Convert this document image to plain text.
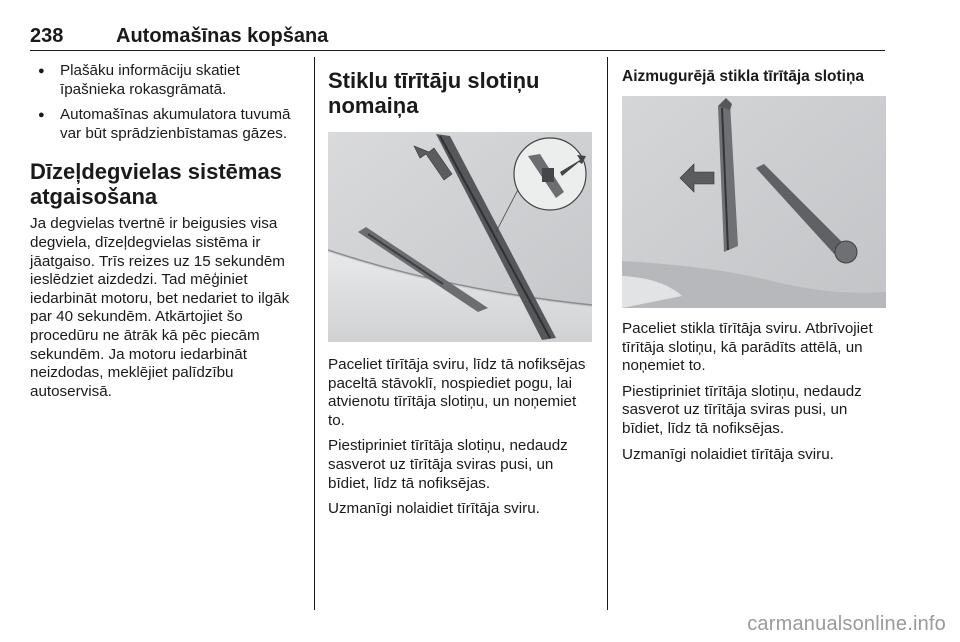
238	Automašīnas kopšana
● Plašāku informāciju skatiet īpašnieka rokasgrāmatā.
● Automašīnas akumulatora tuvumā var būt sprādzienbīstamas gāzes.
Dīzeļdegvielas sistēmas atgaisošana

Ja degvielas tvertnē ir beigusies visa degviela, dīzeļdegvielas sistēma ir jāatgaiso. Trīs reizes uz 15 sekundēm ieslēdziet aizdedzi. Tad mēģiniet iedarbināt motoru, bet nedariet to ilgāk par 40 sekundēm. Atkārtojiet šo procedūru ne ātrāk kā pēc piecām sekundēm. Ja motoru iedarbināt neizdodas, meklējiet palīdzību autoservisā.

Stiklu tīrītāju slotiņu nomaiņa

Paceliet tīrītāja sviru, līdz tā nofiksējas paceltā stāvoklī, nospiediet pogu, lai atvienotu tīrītāja slotiņu, un noņemiet to.

Piestipriniet tīrītāja slotiņu, nedaudz sasverot uz tīrītāja sviras pusi, un bīdiet, līdz tā nofiksējas.

Uzmanīgi nolaidiet tīrītāja sviru.

Aizmugurējā stikla tīrītāja slotiņa

Paceliet stikla tīrītāja sviru. Atbrīvojiet tīrītāja slotiņu, kā parādīts attēlā, un noņemiet to.

Piestipriniet tīrītāja slotiņu, nedaudz sasverot uz tīrītāja sviras pusi, un bīdiet, līdz tā nofiksējas.

Uzmanīgi nolaidiet tīrītāja sviru.

carmanualsonline.info
